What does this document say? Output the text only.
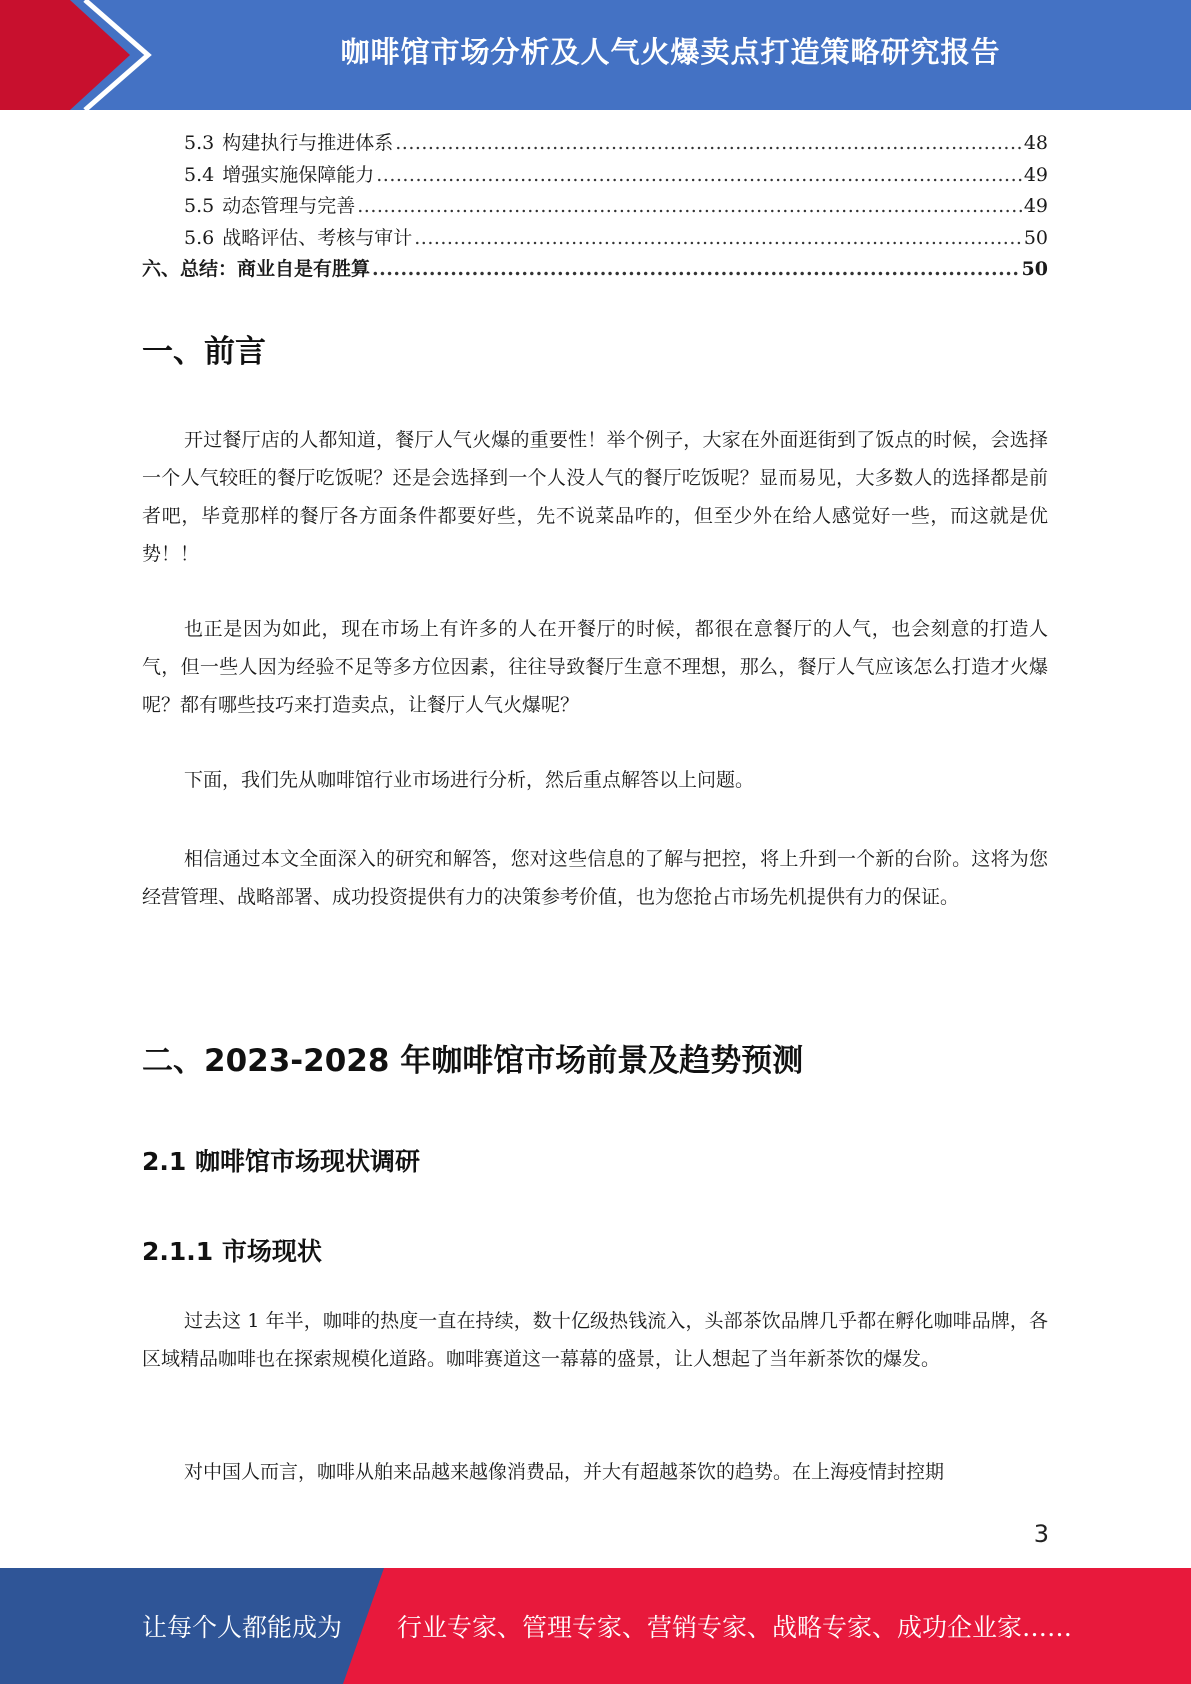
咖啡馆市场分析及人气火爆卖点打造策略研究报告
5.3 构建执行与推进体系 .....	48
5.4 增强实施保障能力 .....	49
5.5 动态管理与完善 .....	49
5.6 战略评估、考核与审计 .....	50
六、总结：商业自是有胜算 .....	50
一、前言

开过餐厅店的人都知道，餐厅人气火爆的重要性！举个例子，大家在外面逛街到了饭点的时候，会选择一个人气较旺的餐厅吃饭呢？还是会选择到一个人没人气的餐厅吃饭呢？显而易见，大多数人的选择都是前者吧，毕竟那样的餐厅各方面条件都要好些，先不说菜品咋的，但至少外在给人感觉好一些，而这就是优势！！

也正是因为如此，现在市场上有许多的人在开餐厅的时候，都很在意餐厅的人气，也会刻意的打造人气，但一些人因为经验不足等多方位因素，往往导致餐厅生意不理想，那么，餐厅人气应该怎么打造才火爆呢？都有哪些技巧来打造卖点，让餐厅人气火爆呢？

下面，我们先从咖啡馆行业市场进行分析，然后重点解答以上问题。

相信通过本文全面深入的研究和解答，您对这些信息的了解与把控，将上升到一个新的台阶。这将为您经营管理、战略部署、成功投资提供有力的决策参考价值，也为您抢占市场先机提供有力的保证。

二、2023-2028 年咖啡馆市场前景及趋势预测
2.1 咖啡馆市场现状调研
2.1.1 市场现状

过去这 1 年半，咖啡的热度一直在持续，数十亿级热钱流入，头部茶饮品牌几乎都在孵化咖啡品牌，各区域精品咖啡也在探索规模化道路。咖啡赛道这一幕幕的盛景，让人想起了当年新茶饮的爆发。

对中国人而言，咖啡从舶来品越来越像消费品，并大有超越茶饮的趋势。在上海疫情封控期

3
让每个人都能成为 行业专家、管理专家、营销专家、战略专家、成功企业家……
